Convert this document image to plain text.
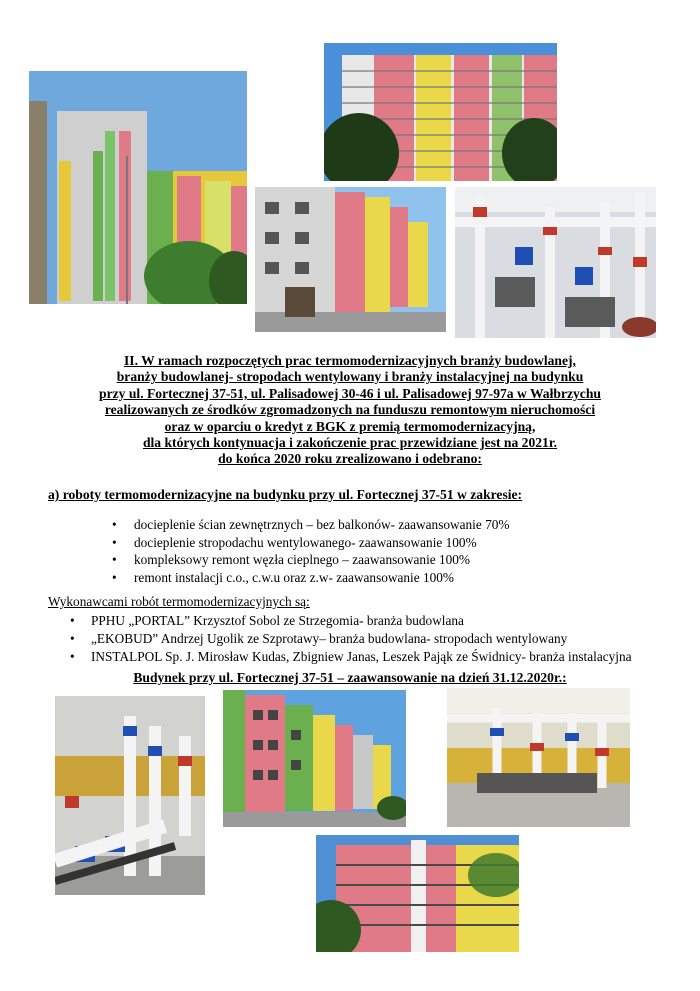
II. W ramach rozpoczętych prac termomodernizacyjnych branży budowlanej,
branży budowlanej- stropodach wentylowany i branży instalacyjnej na budynku
przy ul. Fortecznej 37-51, ul. Palisadowej 30-46 i ul. Palisadowej 97-97a w Wałbrzychu
realizowanych ze środków zgromadzonych na funduszu remontowym nieruchomości
oraz w oparciu o kredyt z BGK z premią termomodernizacyjną,
dla których kontynuacja i zakończenie prac przewidziane jest na 2021r.
do końca 2020 roku zrealizowano i odebrano:
a) roboty termomodernizacyjne na budynku przy ul. Fortecznej 37-51 w zakresie:
•	docieplenie ścian zewnętrznych – bez balkonów- zaawansowanie 70%
•	docieplenie stropodachu wentylowanego- zaawansowanie 100%
•	kompleksowy remont węzła cieplnego – zaawansowanie 100%
•	remont instalacji c.o., c.w.u oraz z.w- zaawansowanie 100%
Wykonawcami robót termomodernizacyjnych są:
•	PPHU „PORTAL” Krzysztof Sobol ze Strzegomia- branża budowlana
•	„EKOBUD” Andrzej Ugolik ze Szprotawy– branża budowlana- stropodach wentylowany
•	INSTALPOL Sp. J. Mirosław Kudas, Zbigniew Janas, Leszek Pająk ze Świdnicy- branża instalacyjna
Budynek przy ul. Fortecznej 37-51 – zaawansowanie na dzień 31.12.2020r.:
